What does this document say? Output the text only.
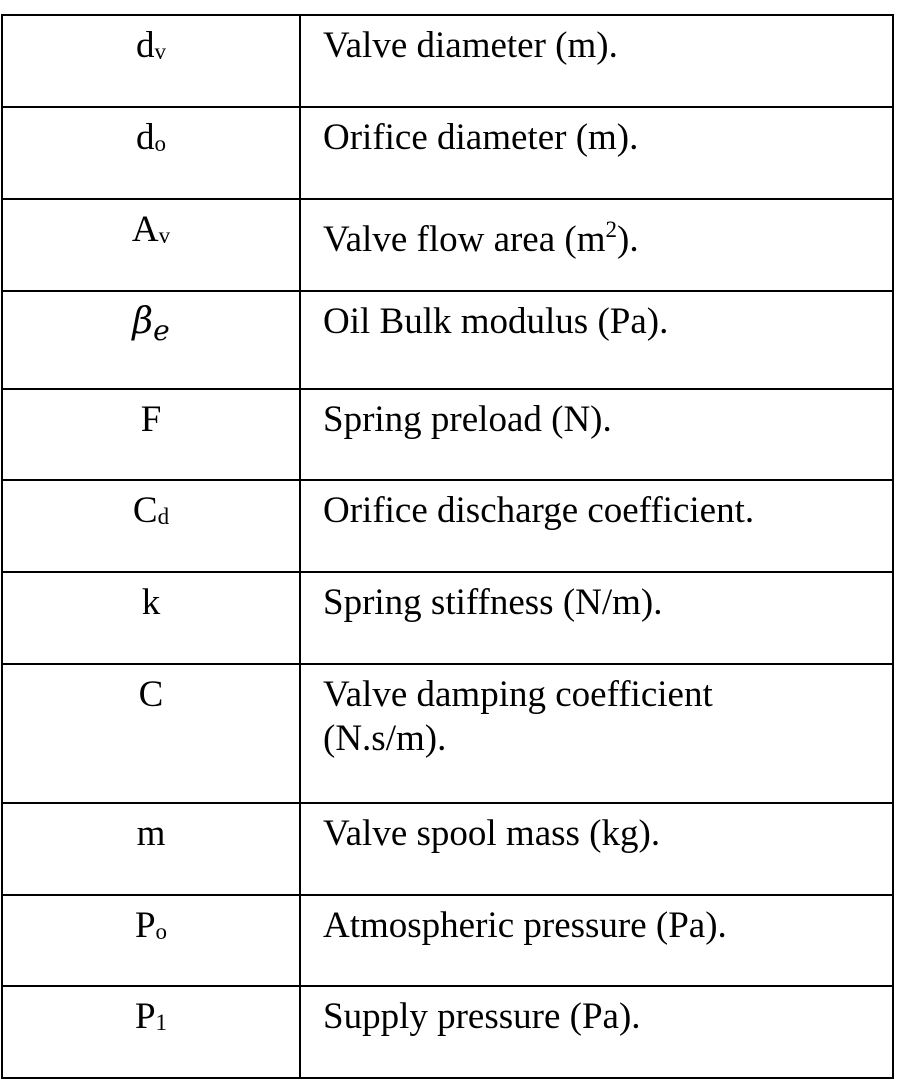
dv	Valve diameter (m).
do	Orifice diameter (m).
Av	Valve flow area $(m^2)$.
$\beta_e$	Oil Bulk modulus (Pa).
F	Spring preload (N).
Cd	Orifice discharge coefficient.
k	Spring stiffness (N/m).
C	Valve damping coefficient (N.s/m).

m	Valve spool mass (kg).
Po	Atmospheric pressure (Pa).
P1	Supply pressure (Pa).
